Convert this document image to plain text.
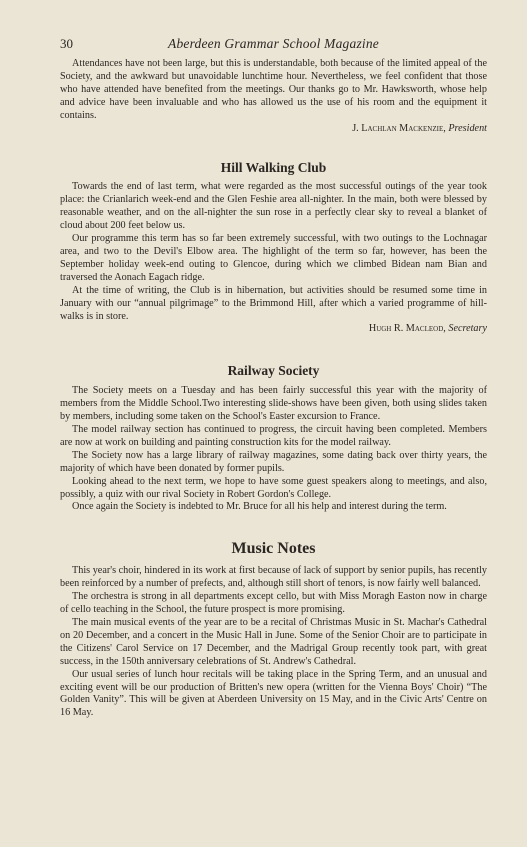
30	Aberdeen Grammar School Magazine

Attendances have not been large, but this is understandable, both because of the limited appeal of the Society, and the awkward but unavoidable lunchtime hour. Nevertheless, we feel confident that those who have attended have benefited from the meetings. Our thanks go to Mr. Hawksworth, whose help and advice have been invaluable and who has allowed us the use of his room and the equipment it contains.

J. Lachlan Mackenzie, President
Hill Walking Club

Towards the end of last term, what were regarded as the most successful outings of the year took place: the Crianlarich week-end and the Glen Feshie area all-nighter. In the main, both were blessed by reasonable weather, and on the all-nighter the sun rose in a perfectly clear sky to reveal a blanket of cloud about 200 feet below us.

Our programme this term has so far been extremely successful, with two outings to the Lochnagar area, and two to the Devil's Elbow area. The highlight of the term so far, however, has been the September holiday week-end outing to Glencoe, during which we climbed Bidean nam Bian and traversed the Aonach Eagach ridge.

At the time of writing, the Club is in hibernation, but activities should be resumed some time in January with our “annual pilgrimage” to the Brimmond Hill, after which a varied programme of hill-walks is in store.

Hugh R. Macleod, Secretary
Railway Society

The Society meets on a Tuesday and has been fairly successful this year with the majority of members from the Middle School.Two interesting slide-shows have been given, both using slides taken by members, including some taken on the School's Easter excursion to France.

The model railway section has continued to progress, the circuit having been completed. Members are now at work on building and painting construction kits for the model railway.

The Society now has a large library of railway magazines, some dating back over thirty years, the majority of which have been donated by former pupils.

Looking ahead to the next term, we hope to have some guest speakers along to meetings, and also, possibly, a quiz with our rival Society in Robert Gordon's College.

Once again the Society is indebted to Mr. Bruce for all his help and interest during the term.

Music Notes

This year's choir, hindered in its work at first because of lack of support by senior pupils, has recently been reinforced by a number of prefects, and, although still short of tenors, is now fairly well balanced.

The orchestra is strong in all departments except cello, but with Miss Moragh Easton now in charge of cello teaching in the School, the future prospect is more promising.

The main musical events of the year are to be a recital of Christmas Music in St. Machar's Cathedral on 20 December, and a concert in the Music Hall in June. Some of the Senior Choir are to participate in the Citizens' Carol Service on 17 December, and the Madrigal Group recently took part, with great success, in the 150th anniversary celebrations of St. Andrew's Cathedral.

Our usual series of lunch hour recitals will be taking place in the Spring Term, and an unusual and exciting event will be our production of Britten's new opera (written for the Vienna Boys' Choir) “The Golden Vanity”. This will be given at Aberdeen University on 15 May, and in the Civic Arts' Centre on 16 May.
